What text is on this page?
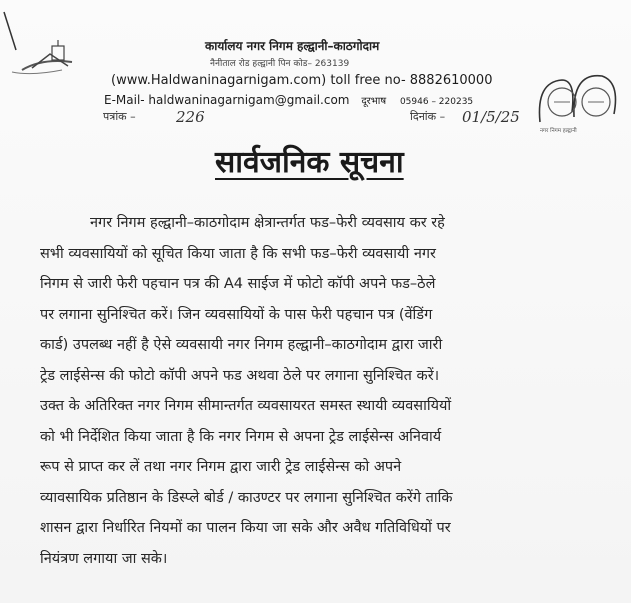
कार्यालय नगर निगम हल्द्वानी–काठगोदाम
नैनीताल रोड हल्द्वानी पिन कोड– 263139
(www.Haldwaninagarnigam.com) toll free no- 8882610000
E-Mail- haldwaninagarnigam@gmail.com दूरभाष 05946 – 220235
पत्रांक –	226	दिनांक – 01/5/25
नगर निगम हल्द्वानी
सार्वजनिक सूचना
नगर निगम हल्द्वानी–काठगोदाम क्षेत्रान्तर्गत फड–फेरी व्यवसाय कर रहे
सभी व्यवसायियों को सूचित किया जाता है कि सभी फड–फेरी व्यवसायी नगर
निगम से जारी फेरी पहचान पत्र की A4 साईज में फोटो कॉपी अपने फड–ठेले
पर लगाना सुनिश्चित करें। जिन व्यवसायियों के पास फेरी पहचान पत्र (वेंडिंग
कार्ड) उपलब्ध नहीं है ऐसे व्यवसायी नगर निगम हल्द्वानी–काठगोदाम द्वारा जारी
ट्रेड लाईसेन्स की फोटो कॉपी अपने फड अथवा ठेले पर लगाना सुनिश्चित करें।
उक्त के अतिरिक्त नगर निगम सीमान्तर्गत व्यवसायरत समस्त स्थायी व्यवसायियों
को भी निर्देशित किया जाता है कि नगर निगम से अपना ट्रेड लाईसेन्स अनिवार्य
रूप से प्राप्त कर लें तथा नगर निगम द्वारा जारी ट्रेड लाईसेन्स को अपने
व्यावसायिक प्रतिष्ठान के डिस्प्ले बोर्ड / काउण्टर पर लगाना सुनिश्चित करेंगे ताकि
शासन द्वारा निर्धारित नियमों का पालन किया जा सके और अवैध गतिविधियों पर
नियंत्रण लगाया जा सके।
